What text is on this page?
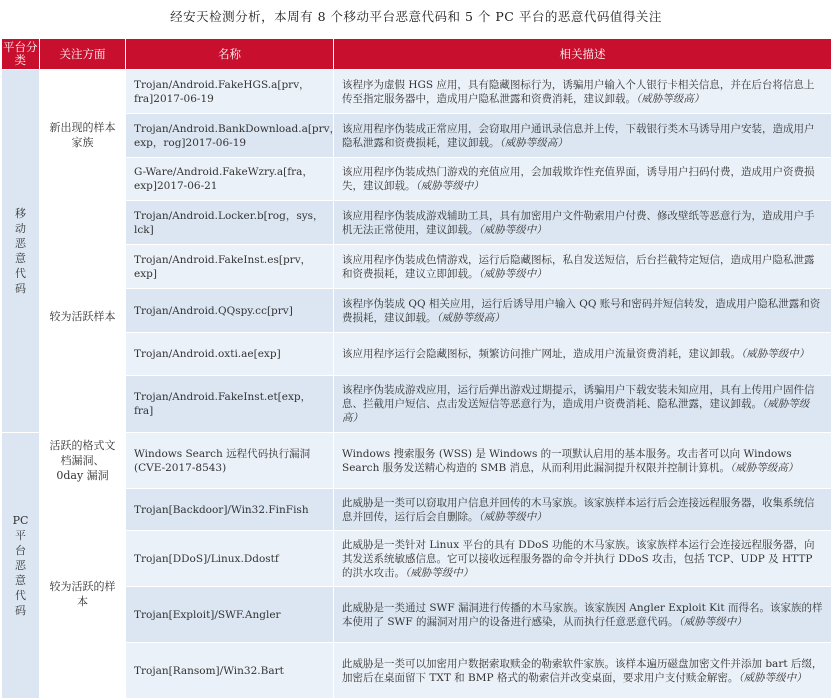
经安天检测分析，本周有 8 个移动平台恶意代码和 5 个 PC 平台的恶意代码值得关注
平台分类	关注方面	名称	相关描述
移动恶意代码	新出现的样本家族	Trojan/Android.FakeHGS.a[prv，fra]2017-06-19	该程序为虚假 HGS 应用，具有隐藏图标行为，诱骗用户输入个人银行卡相关信息，并在后台将信息上传至指定服务器中，造成用户隐私泄露和资费消耗，建议卸载。（威胁等级高）
		Trojan/Android.BankDownload.a[prv，exp，rog]2017-06-19	该应用程序伪装成正常应用，会窃取用户通讯录信息并上传，下载银行类木马诱导用户安装，造成用户隐私泄露和资费损耗，建议卸载。（威胁等级高）
		G-Ware/Android.FakeWzry.a[fra，exp]2017-06-21	该应用程序伪装成热门游戏的充值应用，会加载欺诈性充值界面，诱导用户扫码付费，造成用户资费损失，建议卸载。（威胁等级中）
	较为活跃样本	Trojan/Android.Locker.b[rog，sys，lck]	该应用程序伪装成游戏辅助工具，具有加密用户文件勒索用户付费、修改壁纸等恶意行为，造成用户手机无法正常使用，建议卸载。（威胁等级中）
		Trojan/Android.FakeInst.es[prv，exp]	该应用程序伪装成色情游戏，运行后隐藏图标，私自发送短信，后台拦截特定短信，造成用户隐私泄露和资费损耗，建议立即卸载。（威胁等级中）
		Trojan/Android.QQspy.cc[prv]	该程序伪装成 QQ 相关应用，运行后诱导用户输入 QQ 账号和密码并短信转发，造成用户隐私泄露和资费损耗，建议卸载。（威胁等级高）
		Trojan/Android.oxti.ae[exp]	该应用程序运行会隐藏图标，频繁访问推广网址，造成用户流量资费消耗，建议卸载。（威胁等级中）
		Trojan/Android.FakeInst.et[exp，fra]	该程序伪装成游戏应用，运行后弹出游戏过期提示，诱骗用户下载安装未知应用，具有上传用户固件信息、拦截用户短信、点击发送短信等恶意行为，造成用户资费消耗、隐私泄露，建议卸载。（威胁等级高）
PC平台恶意代码	活跃的格式文档漏洞、0day 漏洞	Windows Search 远程代码执行漏洞(CVE-2017-8543)	Windows 搜索服务 (WSS) 是 Windows 的一项默认启用的基本服务。攻击者可以向 Windows Search 服务发送精心构造的 SMB 消息，从而利用此漏洞提升权限并控制计算机。（威胁等级高）
	较为活跃的样本	Trojan[Backdoor]/Win32.FinFish	此威胁是一类可以窃取用户信息并回传的木马家族。该家族样本运行后会连接远程服务器，收集系统信息并回传，运行后会自删除。（威胁等级中）
		Trojan[DDoS]/Linux.Ddostf	此威胁是一类针对 Linux 平台的具有 DDoS 功能的木马家族。该家族样本运行会连接远程服务器，向其发送系统敏感信息。它可以接收远程服务器的命令并执行 DDoS 攻击，包括 TCP、UDP 及 HTTP 的洪水攻击。（威胁等级中）
		Trojan[Exploit]/SWF.Angler	此威胁是一类通过 SWF 漏洞进行传播的木马家族。该家族因 Angler Exploit Kit 而得名。该家族的样本使用了 SWF 的漏洞对用户的设备进行感染，从而执行任意恶意代码。（威胁等级中）
		Trojan[Ransom]/Win32.Bart	此威胁是一类可以加密用户数据索取赎金的勒索软件家族。该样本遍历磁盘加密文件并添加 bart 后缀，加密后在桌面留下 TXT 和 BMP 格式的勒索信并改变桌面，要求用户支付赎金解密。（威胁等级中）
